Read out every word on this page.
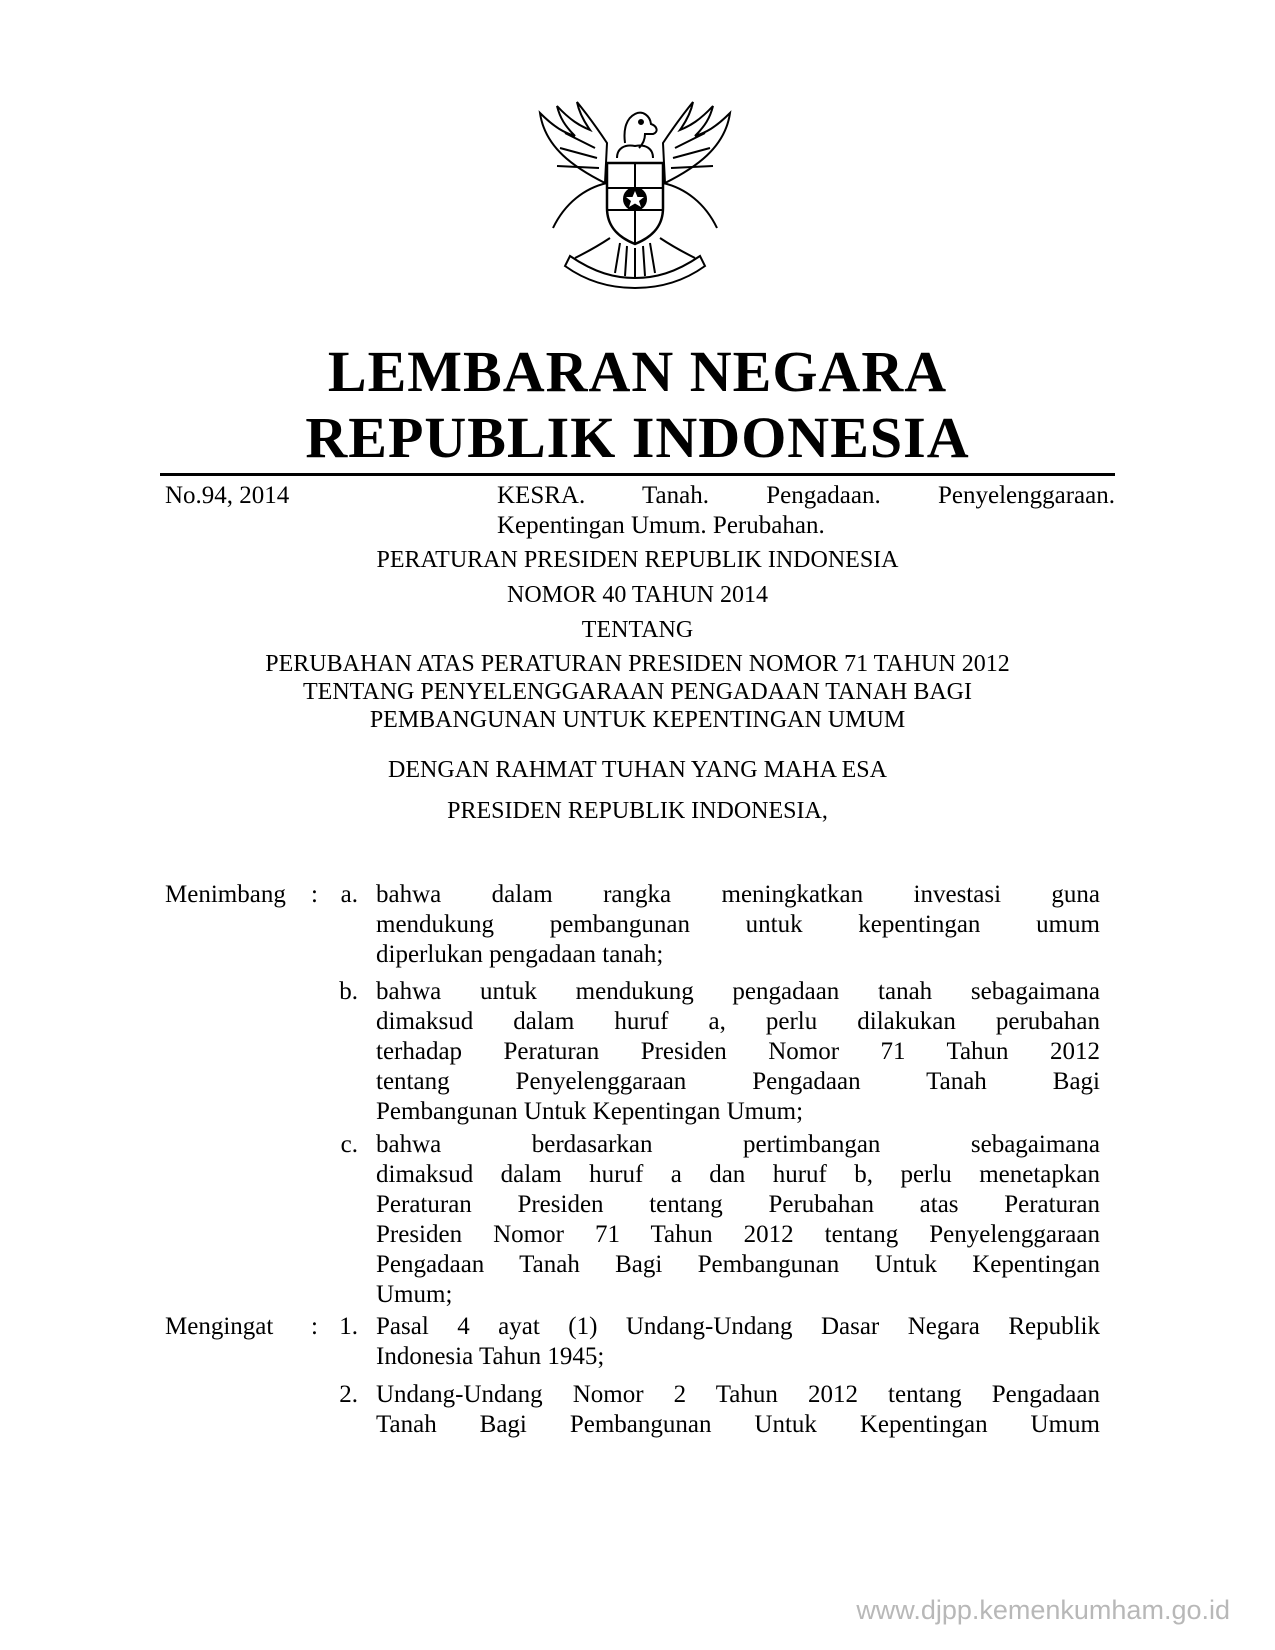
LEMBARAN NEGARA
REPUBLIK INDONESIA
No.94, 2014	KESRA. Tanah. Pengadaan. Penyelenggaraan.
Kepentingan Umum. Perubahan.
PERATURAN PRESIDEN REPUBLIK INDONESIA
NOMOR 40 TAHUN 2014
TENTANG
PERUBAHAN ATAS PERATURAN PRESIDEN NOMOR 71 TAHUN 2012
TENTANG PENYELENGGARAAN PENGADAAN TANAH BAGI
PEMBANGUNAN UNTUK KEPENTINGAN UMUM
DENGAN RAHMAT TUHAN YANG MAHA ESA
PRESIDEN REPUBLIK INDONESIA,
Menimbang : a. bahwa dalam rangka meningkatkan investasi guna
mendukung pembangunan untuk kepentingan umum
diperlukan pengadaan tanah;
b. bahwa untuk mendukung pengadaan tanah sebagaimana
dimaksud dalam huruf a, perlu dilakukan perubahan
terhadap Peraturan Presiden Nomor 71 Tahun 2012
tentang Penyelenggaraan Pengadaan Tanah Bagi
Pembangunan Untuk Kepentingan Umum;
c. bahwa berdasarkan pertimbangan sebagaimana
dimaksud dalam huruf a dan huruf b, perlu menetapkan
Peraturan Presiden tentang Perubahan atas Peraturan
Presiden Nomor 71 Tahun 2012 tentang Penyelenggaraan
Pengadaan Tanah Bagi Pembangunan Untuk Kepentingan
Umum;
Mengingat : 1. Pasal 4 ayat (1) Undang-Undang Dasar Negara Republik
Indonesia Tahun 1945;
2. Undang-Undang Nomor 2 Tahun 2012 tentang Pengadaan
Tanah Bagi Pembangunan Untuk Kepentingan Umum
www.djpp.kemenkumham.go.id
